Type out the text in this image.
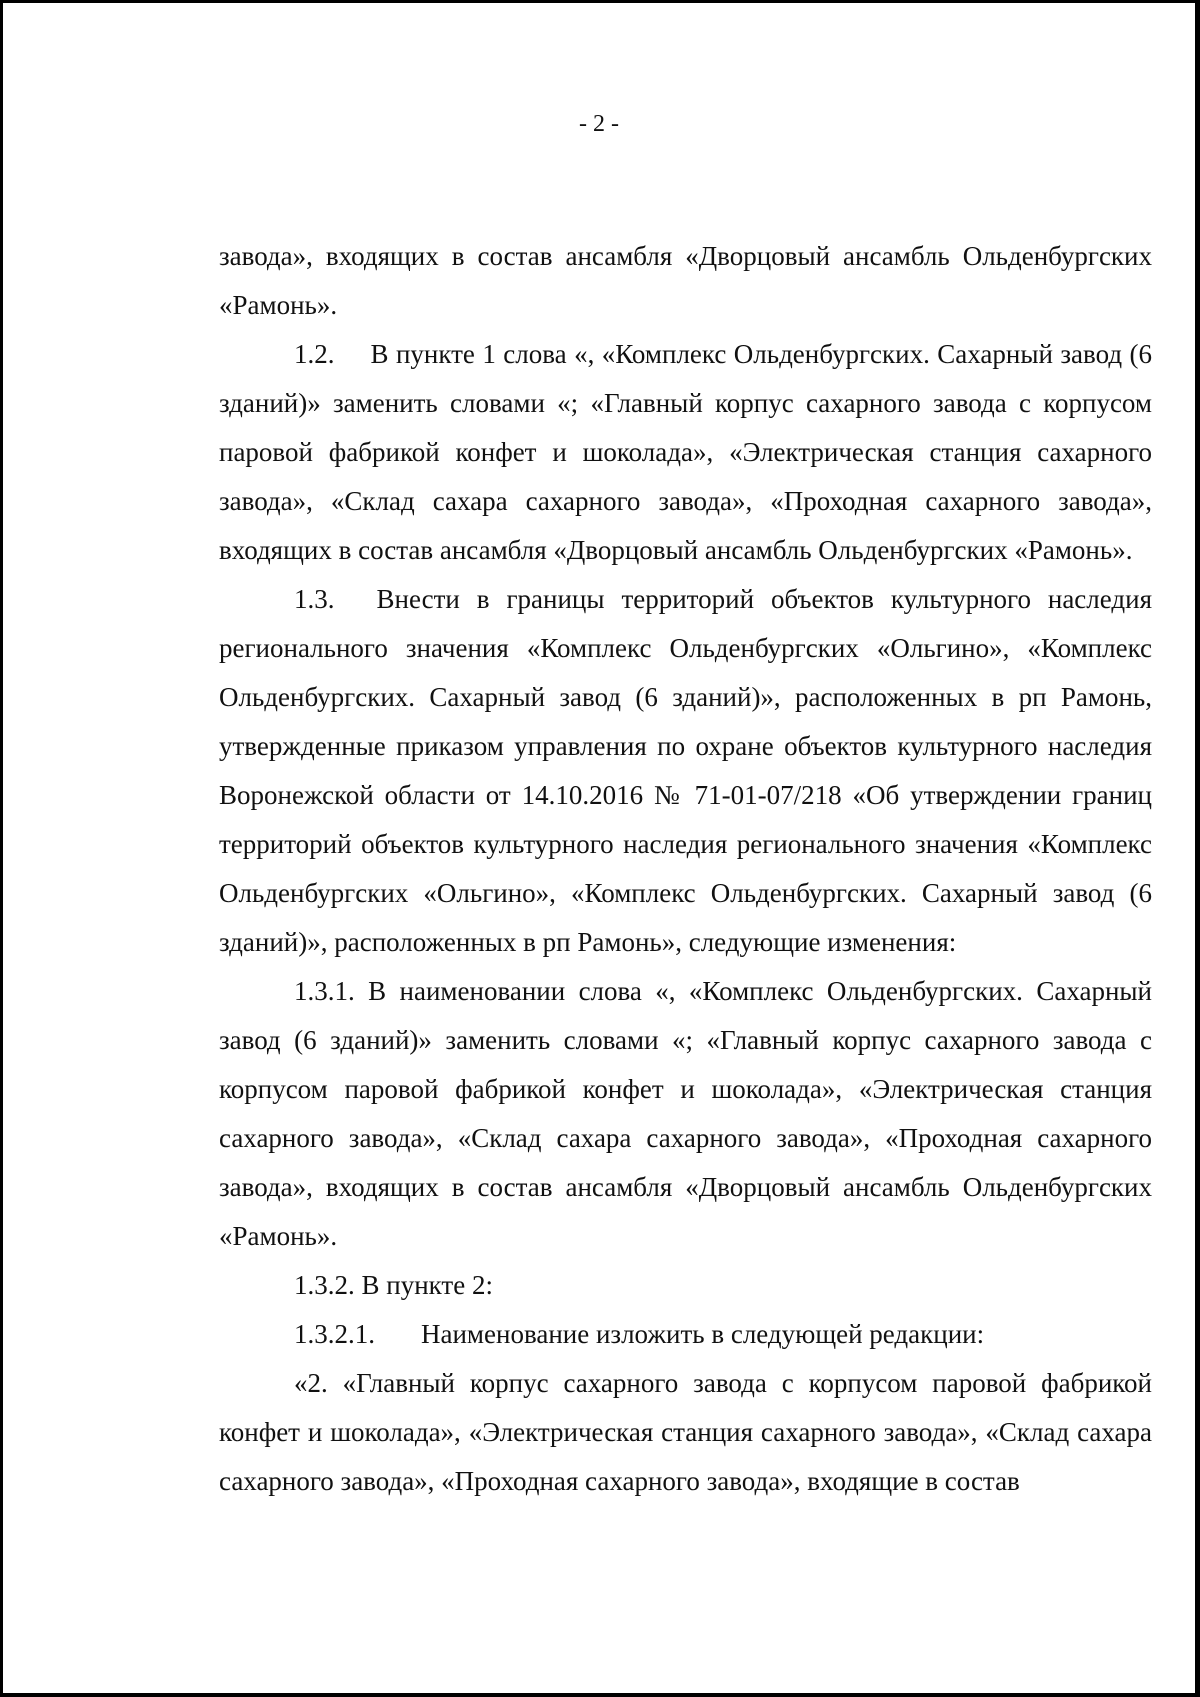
- 2 -

завода», входящих в состав ансамбля «Дворцовый ансамбль Ольденбургских «Рамонь».

1.2. В пункте 1 слова «, «Комплекс Ольденбургских. Сахарный завод (6 зданий)» заменить словами «; «Главный корпус сахарного завода с корпусом паровой фабрикой конфет и шоколада», «Электрическая станция сахарного завода», «Склад сахара сахарного завода», «Проходная сахарного завода», входящих в состав ансамбля «Дворцовый ансамбль Ольденбургских «Рамонь».

1.3. Внести в границы территорий объектов культурного наследия регионального значения «Комплекс Ольденбургских «Ольгино», «Комплекс Ольденбургских. Сахарный завод (6 зданий)», расположенных в рп Рамонь, утвержденные приказом управления по охране объектов культурного наследия Воронежской области от 14.10.2016 № 71-01-07/218 «Об утверждении границ территорий объектов культурного наследия регионального значения «Комплекс Ольденбургских «Ольгино», «Комплекс Ольденбургских. Сахарный завод (6 зданий)», расположенных в рп Рамонь», следующие изменения:

1.3.1. В наименовании слова «, «Комплекс Ольденбургских. Сахарный завод (6 зданий)» заменить словами «; «Главный корпус сахарного завода с корпусом паровой фабрикой конфет и шоколада», «Электрическая станция сахарного завода», «Склад сахара сахарного завода», «Проходная сахарного завода», входящих в состав ансамбля «Дворцовый ансамбль Ольденбургских «Рамонь».

1.3.2. В пункте 2:

1.3.2.1. Наименование изложить в следующей редакции:

«2. «Главный корпус сахарного завода с корпусом паровой фабрикой конфет и шоколада», «Электрическая станция сахарного завода», «Склад сахара сахарного завода», «Проходная сахарного завода», входящие в состав
